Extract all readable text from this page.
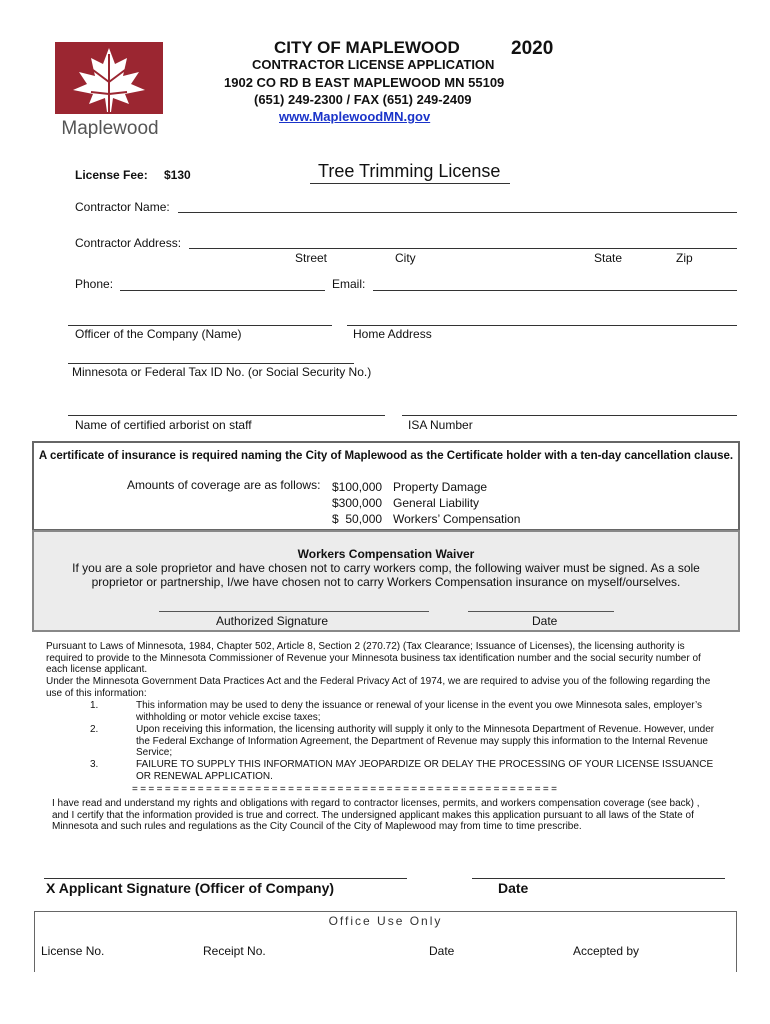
Maplewood
CITY OF MAPLEWOOD	2020
CONTRACTOR LICENSE APPLICATION
1902 CO RD B EAST MAPLEWOOD MN 55109
(651) 249-2300 / FAX (651) 249-2409
www.MaplewoodMN.gov
License Fee: $130	Tree Trimming License
Contractor Name:
Contractor Address:
Street	City	State	Zip
Phone:	Email:
Officer of the Company (Name)	Home Address
Minnesota or Federal Tax ID No. (or Social Security No.)
Name of certified arborist on staff	ISA Number
A certificate of insurance is required naming the City of Maplewood as the Certificate holder with a ten-day cancellation clause.
Amounts of coverage are as follows: $100,000 Property Damage
$300,000 General Liability
$  50,000 Workers’ Compensation
Workers Compensation Waiver
If you are a sole proprietor and have chosen not to carry workers comp, the following waiver must be signed. As a sole proprietor or partnership, I/we have chosen not to carry Workers Compensation insurance on myself/ourselves.
Authorized Signature	Date
Pursuant to Laws of Minnesota, 1984, Chapter 502, Article 8, Section 2 (270.72) (Tax Clearance; Issuance of Licenses), the licensing authority is required to provide to the Minnesota Commissioner of Revenue your Minnesota business tax identification number and the social security number of each license applicant.
Under the Minnesota Government Data Practices Act and the Federal Privacy Act of 1974, we are required to advise you of the following regarding the use of this information:
1.	This information may be used to deny the issuance or renewal of your license in the event you owe Minnesota sales, employer’s withholding or motor vehicle excise taxes;
2.	Upon receiving this information, the licensing authority will supply it only to the Minnesota Department of Revenue. However, under the Federal Exchange of Information Agreement, the Department of Revenue may supply this information to the Internal Revenue Service;
3.	FAILURE TO SUPPLY THIS INFORMATION MAY JEOPARDIZE OR DELAY THE PROCESSING OF YOUR LICENSE ISSUANCE OR RENEWAL APPLICATION.
= = = = = = = = = = = = = = = = = = = = = = = = = = = = = = = = = = = = = = = = = = = = = = = = = = = =
I have read and understand my rights and obligations with regard to contractor licenses, permits, and workers compensation coverage (see back) , and I certify that the information provided is true and correct. The undersigned applicant makes this application pursuant to all laws of the State of Minnesota and such rules and regulations as the City Council of the City of Maplewood may from time to time prescribe.
X Applicant Signature (Officer of Company)	Date
Office Use Only
License No.	Receipt No.	Date	Accepted by
